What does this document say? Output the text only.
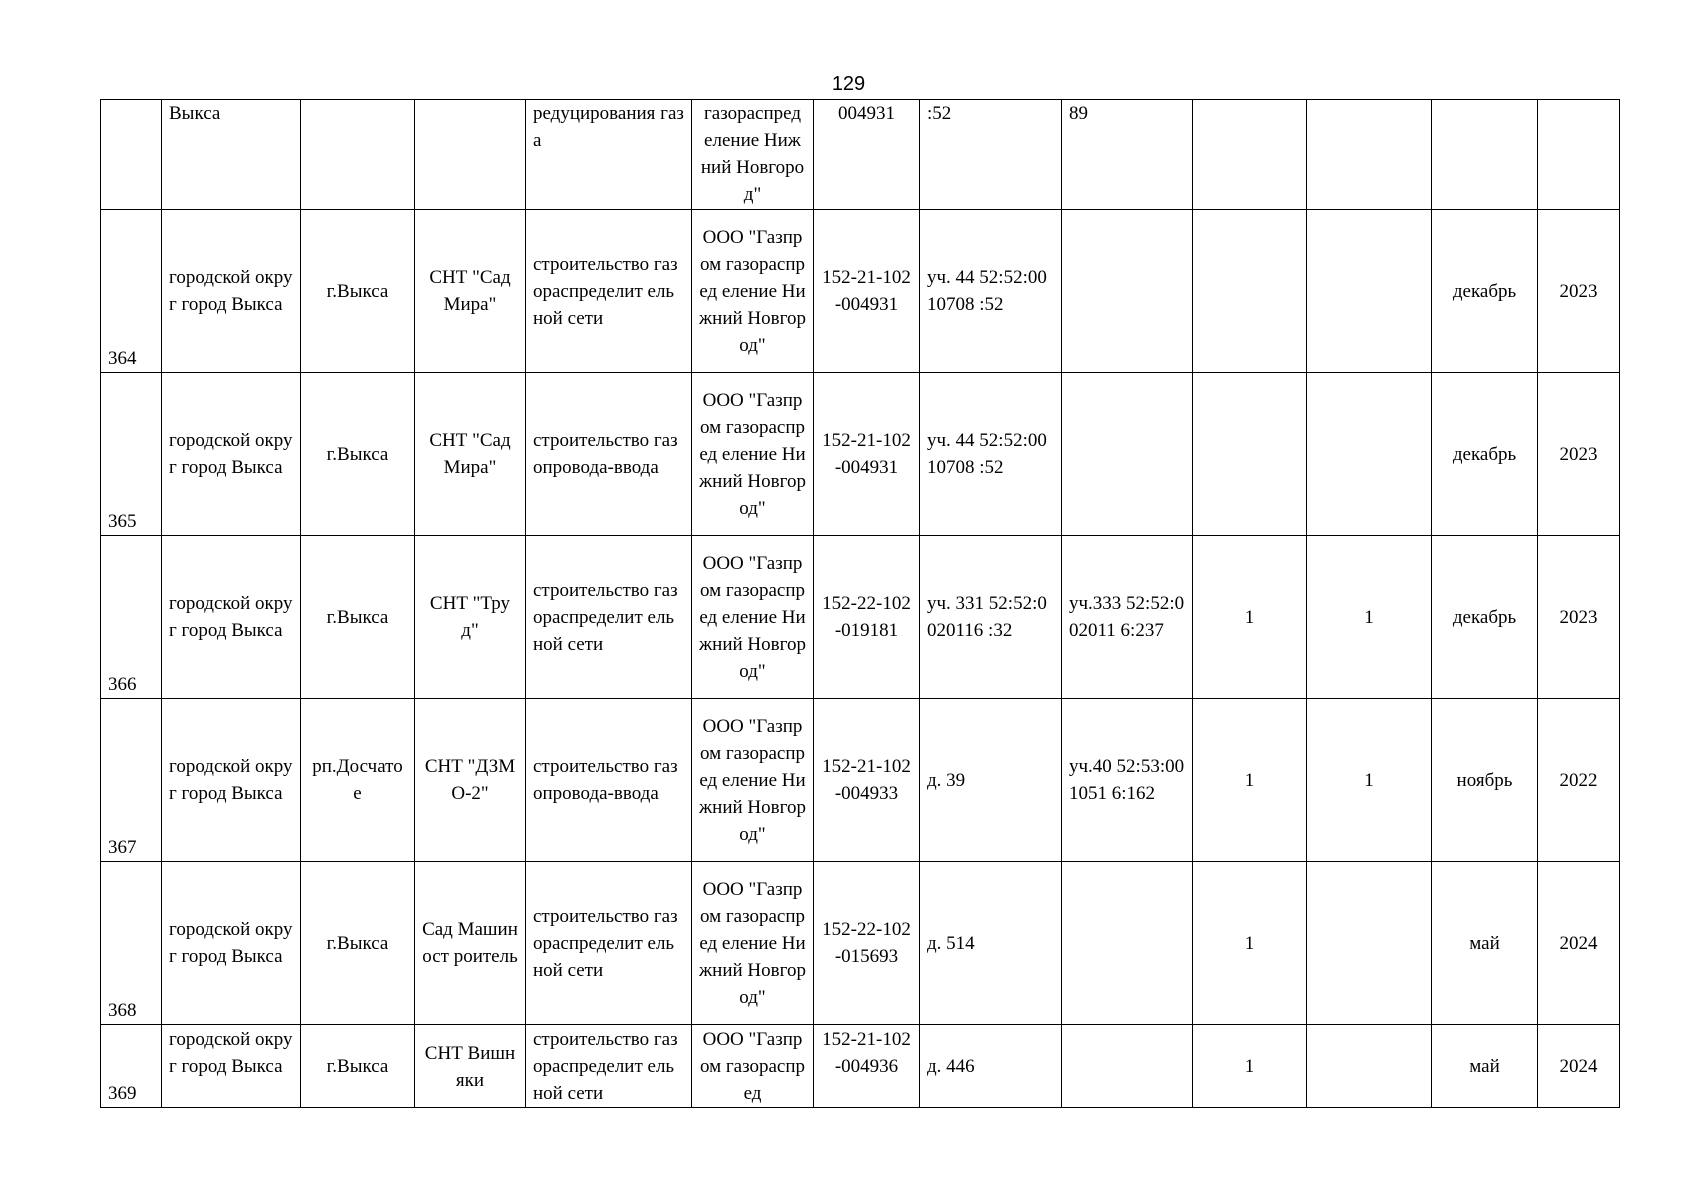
129
	Выкса			редуцирования газа	газораспред еление Нижний Новгород"	004931	:52	89				
364	городской округ город Выкса	г.Выкса	СНТ "Сад Мира"	строительство газораспределит ельной сети	ООО "Газпром газораспред еление Нижний Новгород"	152-21-102-004931	уч. 44 52:52:0010708 :52				декабрь	2023
365	городской округ город Выкса	г.Выкса	СНТ "Сад Мира"	строительство газопровода-ввода	ООО "Газпром газораспред еление Нижний Новгород"	152-21-102-004931	уч. 44 52:52:0010708 :52				декабрь	2023
366	городской округ город Выкса	г.Выкса	СНТ "Труд"	строительство газораспределит ельной сети	ООО "Газпром газораспред еление Нижний Новгород"	152-22-102-019181	уч. 331 52:52:0020116 :32	уч.333 52:52:002011 6:237	1	1	декабрь	2023
367	городской округ город Выкса	рп.Досчато е	СНТ "ДЗМО-2"	строительство газопровода-ввода	ООО "Газпром газораспред еление Нижний Новгород"	152-21-102-004933	д. 39	уч.40 52:53:001051 6:162	1	1	ноябрь	2022
368	городской округ город Выкса	г.Выкса	Сад Машиност роитель	строительство газораспределит ельной сети	ООО "Газпром газораспред еление Нижний Новгород"	152-22-102-015693	д. 514		1		май	2024
369	городской округ город Выкса	г.Выкса	СНТ Вишняки	строительство газораспределит ельной сети	ООО "Газпром газораспред	152-21-102-004936	д. 446		1		май	2024
